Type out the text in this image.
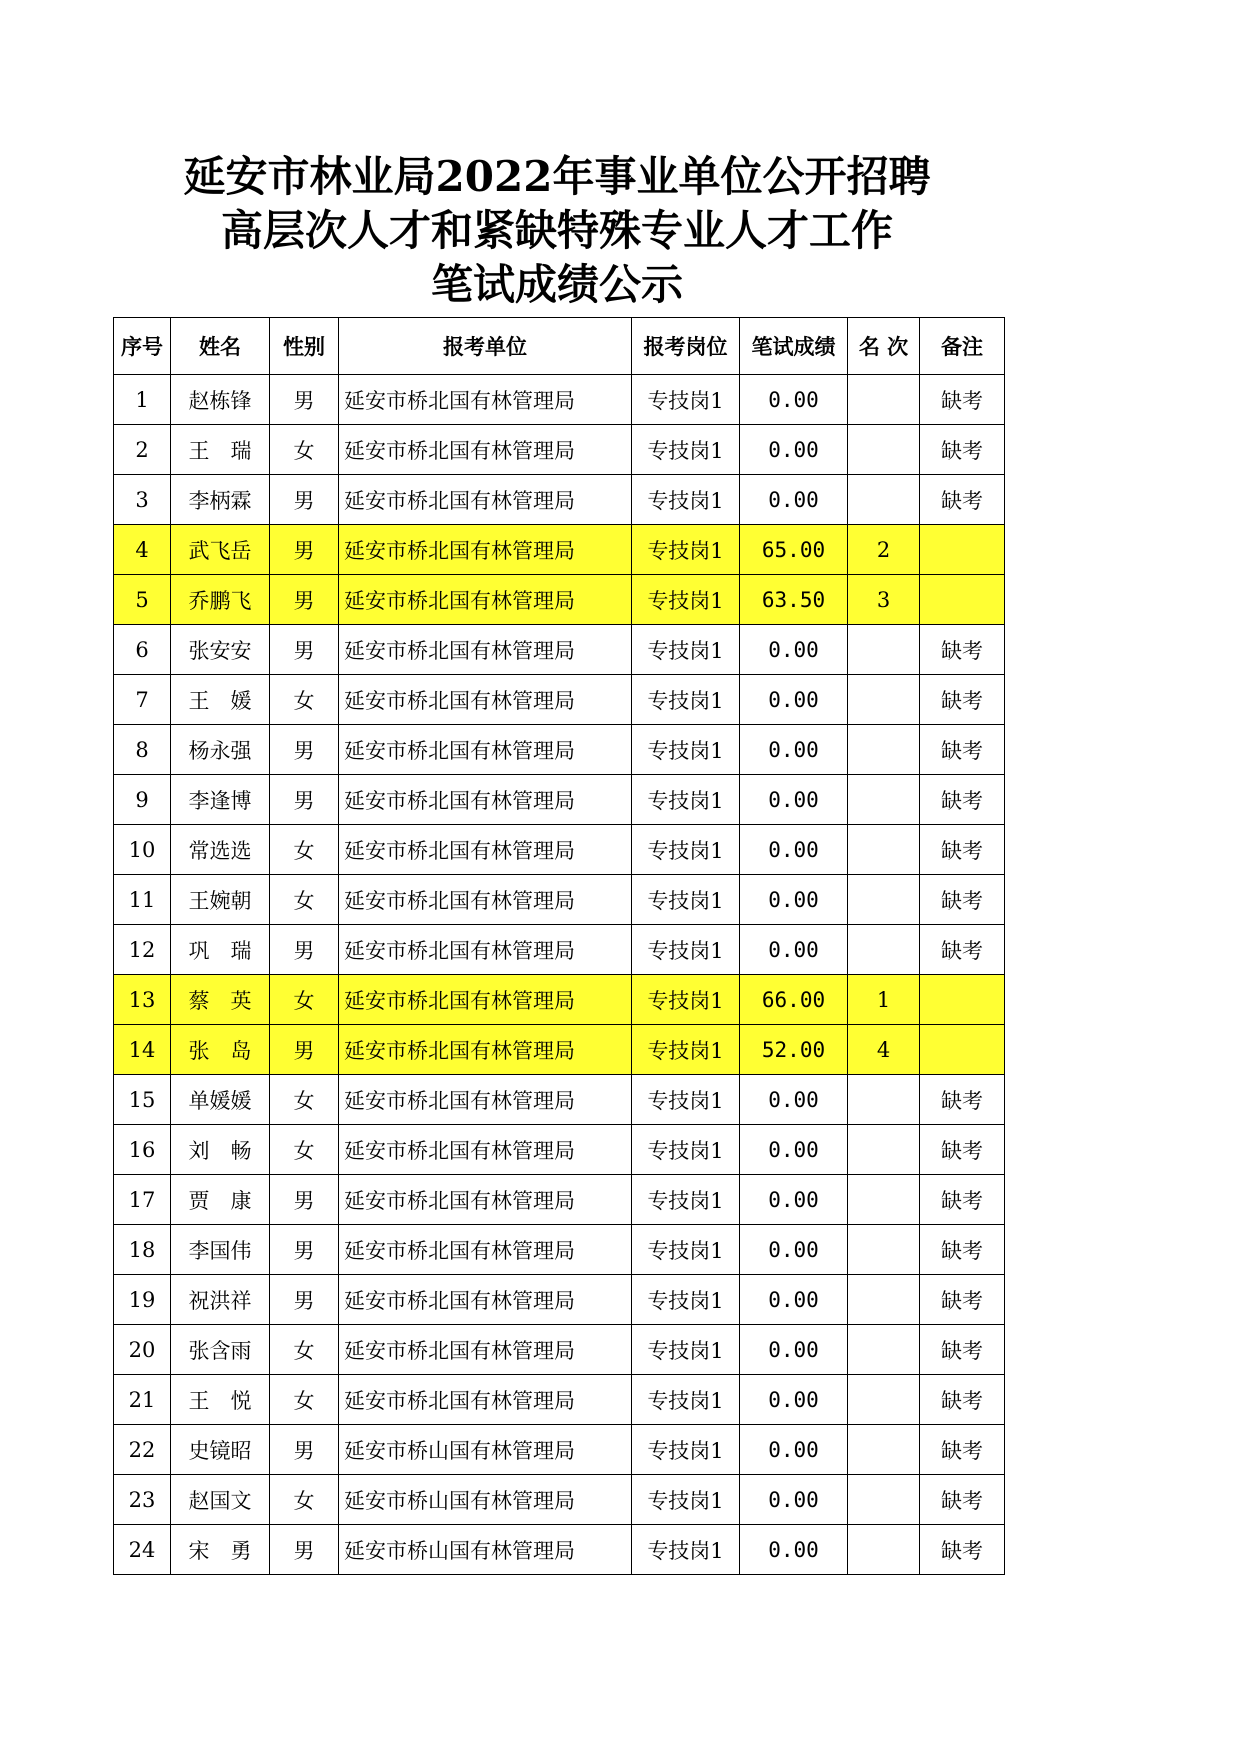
延安市林业局2022年事业单位公开招聘
高层次人才和紧缺特殊专业人才工作
笔试成绩公示
序号	姓名	性别	报考单位	报考岗位	笔试成绩	名 次	备注
1	赵栋锋	男	延安市桥北国有林管理局	专技岗1	0.00		缺考
2	王　瑞	女	延安市桥北国有林管理局	专技岗1	0.00		缺考
3	李柄霖	男	延安市桥北国有林管理局	专技岗1	0.00		缺考
4	武飞岳	男	延安市桥北国有林管理局	专技岗1	65.00	2	
5	乔鹏飞	男	延安市桥北国有林管理局	专技岗1	63.50	3	
6	张安安	男	延安市桥北国有林管理局	专技岗1	0.00		缺考
7	王　媛	女	延安市桥北国有林管理局	专技岗1	0.00		缺考
8	杨永强	男	延安市桥北国有林管理局	专技岗1	0.00		缺考
9	李逢博	男	延安市桥北国有林管理局	专技岗1	0.00		缺考
10	常选选	女	延安市桥北国有林管理局	专技岗1	0.00		缺考
11	王婉朝	女	延安市桥北国有林管理局	专技岗1	0.00		缺考
12	巩　瑞	男	延安市桥北国有林管理局	专技岗1	0.00		缺考
13	蔡　英	女	延安市桥北国有林管理局	专技岗1	66.00	1	
14	张　岛	男	延安市桥北国有林管理局	专技岗1	52.00	4	
15	单媛媛	女	延安市桥北国有林管理局	专技岗1	0.00		缺考
16	刘　畅	女	延安市桥北国有林管理局	专技岗1	0.00		缺考
17	贾　康	男	延安市桥北国有林管理局	专技岗1	0.00		缺考
18	李国伟	男	延安市桥北国有林管理局	专技岗1	0.00		缺考
19	祝洪祥	男	延安市桥北国有林管理局	专技岗1	0.00		缺考
20	张含雨	女	延安市桥北国有林管理局	专技岗1	0.00		缺考
21	王　悦	女	延安市桥北国有林管理局	专技岗1	0.00		缺考
22	史镜昭	男	延安市桥山国有林管理局	专技岗1	0.00		缺考
23	赵国文	女	延安市桥山国有林管理局	专技岗1	0.00		缺考
24	宋　勇	男	延安市桥山国有林管理局	专技岗1	0.00		缺考
